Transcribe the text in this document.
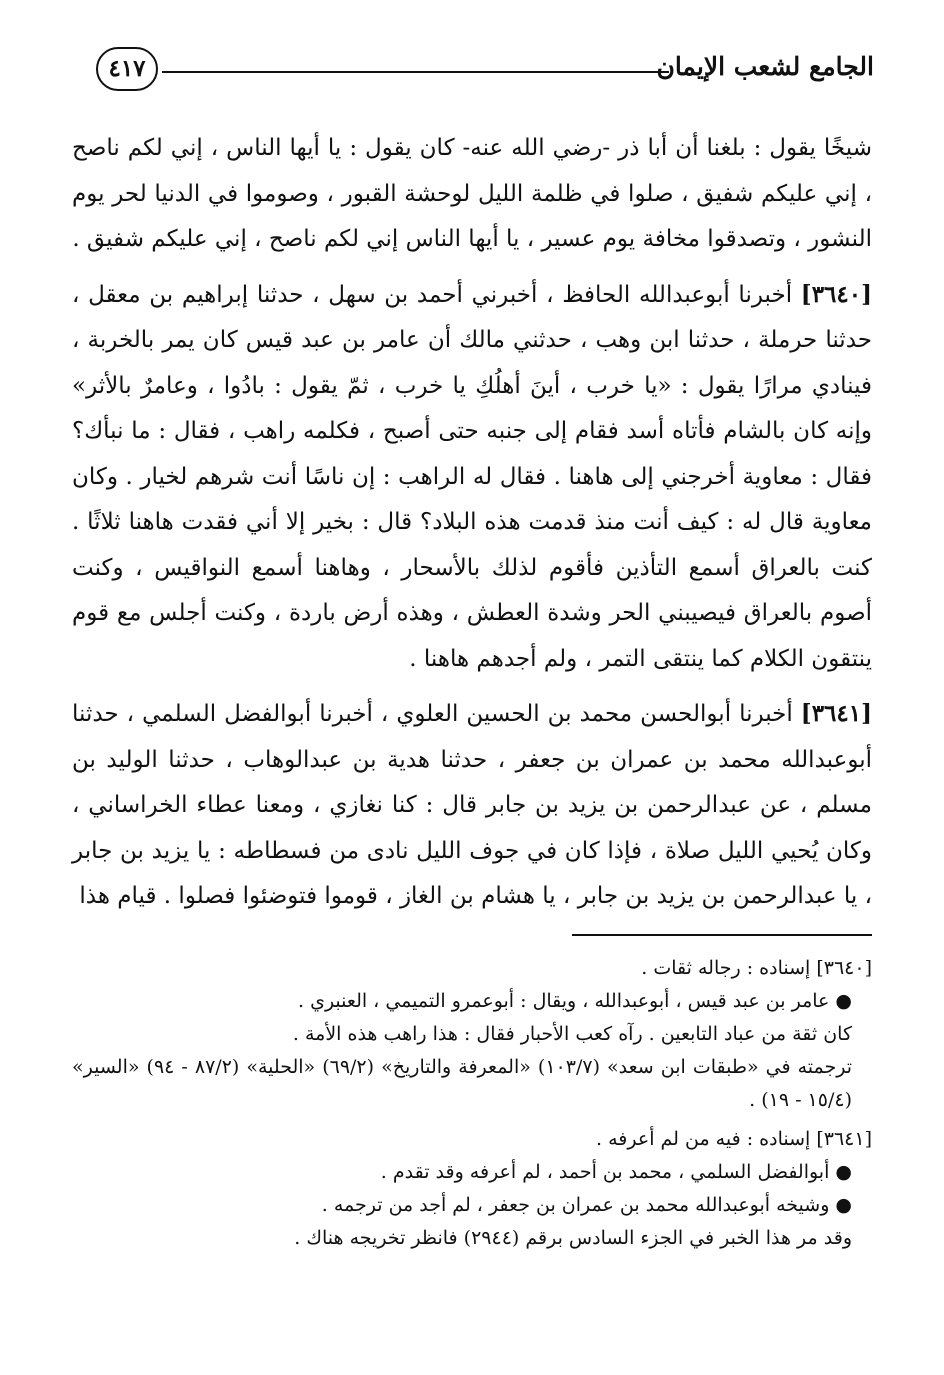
الجامع لشعب الإيمان
٤١٧

شيخًا يقول : بلغنا أن أبا ذر -رضي الله عنه- كان يقول : يا أيها الناس ، إني لكم ناصح ، إني عليكم شفيق ، صلوا في ظلمة الليل لوحشة القبور ، وصوموا في الدنيا لحر يوم النشور ، وتصدقوا مخافة يوم عسير ، يا أيها الناس إني لكم ناصح ، إني عليكم شفيق .

[٣٦٤٠] أخبرنا أبوعبدالله الحافظ ، أخبرني أحمد بن سهل ، حدثنا إبراهيم بن معقل ، حدثنا حرملة ، حدثنا ابن وهب ، حدثني مالك أن عامر بن عبد قيس كان يمر بالخربة ، فينادي مرارًا يقول : «يا خرب ، أينَ أهلُكِ يا خرب ، ثمّ يقول : بادُوا ، وعامرٌ بالأثر» وإنه كان بالشام فأتاه أسد فقام إلى جنبه حتى أصبح ، فكلمه راهب ، فقال : ما نبأك؟ فقال : معاوية أخرجني إلى هاهنا . فقال له الراهب : إن ناسًا أنت شرهم لخيار . وكان معاوية قال له : كيف أنت منذ قدمت هذه البلاد؟ قال : بخير إلا أني فقدت هاهنا ثلاثًا . كنت بالعراق أسمع التأذين فأقوم لذلك بالأسحار ، وهاهنا أسمع النواقيس ، وكنت أصوم بالعراق فيصيبني الحر وشدة العطش ، وهذه أرض باردة ، وكنت أجلس مع قوم ينتقون الكلام كما ينتقى التمر ، ولم أجدهم هاهنا .

[٣٦٤١] أخبرنا أبوالحسن محمد بن الحسين العلوي ، أخبرنا أبوالفضل السلمي ، حدثنا أبوعبدالله محمد بن عمران بن جعفر ، حدثنا هدية بن عبدالوهاب ، حدثنا الوليد بن مسلم ، عن عبدالرحمن بن يزيد بن جابر قال : كنا نغازي ، ومعنا عطاء الخراساني ، وكان يُحيي الليل صلاة ، فإذا كان في جوف الليل نادى من فسطاطه : يا يزيد بن جابر ، يا عبدالرحمن بن يزيد بن جابر ، يا هشام بن الغاز ، قوموا فتوضئوا فصلوا . قيام هذا

[٣٦٤٠] إسناده : رجاله ثقات .

● عامر بن عبد قيس ، أبوعبدالله ، ويقال : أبوعمرو التميمي ، العنبري .

كان ثقة من عباد التابعين . رآه كعب الأحبار فقال : هذا راهب هذه الأمة .

ترجمته في «طبقات ابن سعد» (١٠٣/٧) «المعرفة والتاريخ» (٦٩/٢) «الحلية» (٨٧/٢ - ٩٤) «السير» (١٥/٤ - ١٩) .

[٣٦٤١] إسناده : فيه من لم أعرفه .

● أبوالفضل السلمي ، محمد بن أحمد ، لم أعرفه وقد تقدم .

● وشيخه أبوعبدالله محمد بن عمران بن جعفر ، لم أجد من ترجمه .

وقد مر هذا الخبر في الجزء السادس برقم (٢٩٤٤) فانظر تخريجه هناك .
